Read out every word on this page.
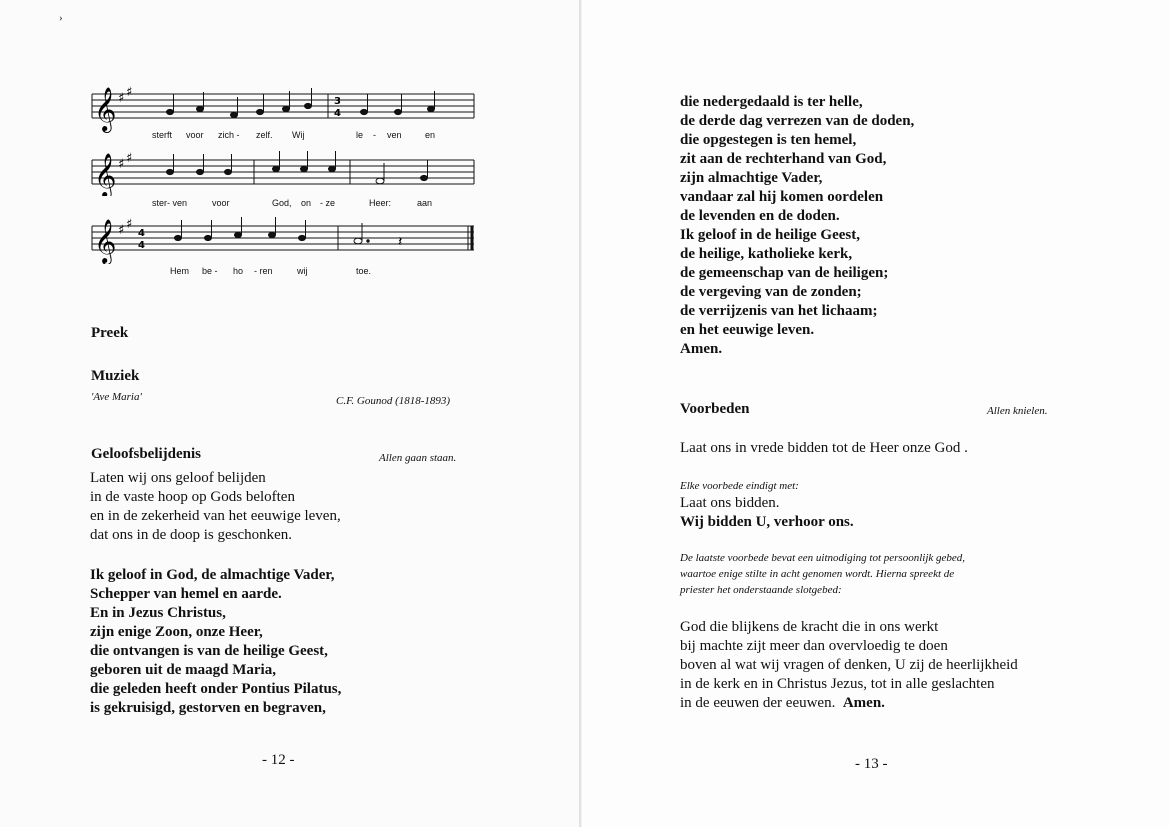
›
𝄞 ♯ ♯
3
4
sterft voor zich - zelf. Wij	le - ven	en
𝄞 ♯ ♯
ster- ven	voor	God, on - ze	Heer:	aan
𝄞 ♯ ♯
4
4	𝄽
Hem be - ho - ren	wij	toe.
Preek
Muziek
'Ave Maria'	C.F. Gounod (1818-1893)
Geloofsbelijdenis	Allen gaan staan.
Laten wij ons geloof belijden
in de vaste hoop op Gods beloften
en in de zekerheid van het eeuwige leven,
dat ons in de doop is geschonken.
Ik geloof in God, de almachtige Vader,
Schepper van hemel en aarde.
En in Jezus Christus,
zijn enige Zoon, onze Heer,
die ontvangen is van de heilige Geest,
geboren uit de maagd Maria,
die geleden heeft onder Pontius Pilatus,
is gekruisigd, gestorven en begraven,
- 12 -
die nedergedaald is ter helle,
de derde dag verrezen van de doden,
die opgestegen is ten hemel,
zit aan de rechterhand van God,
zijn almachtige Vader,
vandaar zal hij komen oordelen
de levenden en de doden.
Ik geloof in de heilige Geest,
de heilige, katholieke kerk,
de gemeenschap van de heiligen;
de vergeving van de zonden;
de verrijzenis van het lichaam;
en het eeuwige leven.
Amen.
Voorbeden	Allen knielen.
Laat ons in vrede bidden tot de Heer onze God .
Elke voorbede eindigt met:
Laat ons bidden.
Wij bidden U, verhoor ons.
De laatste voorbede bevat een uitnodiging tot persoonlijk gebed,
waartoe enige stilte in acht genomen wordt. Hierna spreekt de
priester het onderstaande slotgebed:
God die blijkens de kracht die in ons werkt
bij machte zijt meer dan overvloedig te doen
boven al wat wij vragen of denken, U zij de heerlijkheid
in de kerk en in Christus Jezus, tot in alle geslachten
in de eeuwen der eeuwen. Amen.
- 13 -
